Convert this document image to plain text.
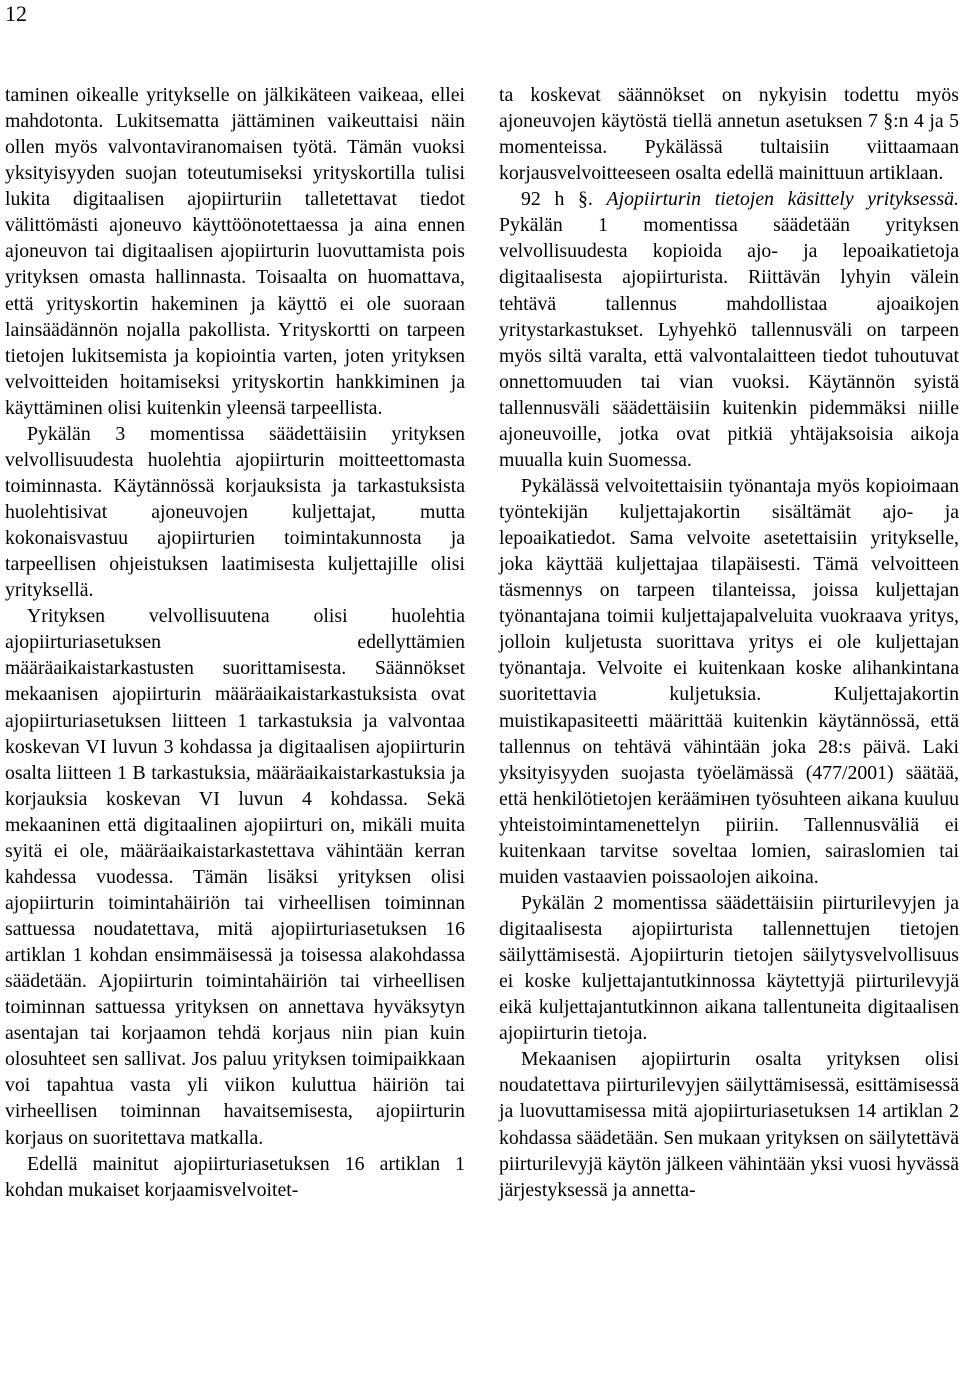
12

taminen oikealle yritykselle on jälkikäteen vaikeaa, ellei mahdotonta. Lukitsematta jättäminen vaikeuttaisi näin ollen myös valvontaviranomaisen työtä. Tämän vuoksi yksityisyyden suojan toteutumiseksi yrityskortilla tulisi lukita digitaalisen ajopiirturiin talletettavat tiedot välittömästi ajoneuvo käyttöönotettaessa ja aina ennen ajoneuvon tai digitaalisen ajopiirturin luovuttamista pois yrityksen omasta hallinnasta. Toisaalta on huomattava, että yrityskortin hakeminen ja käyttö ei ole suoraan lainsäädännön nojalla pakollista. Yrityskortti on tarpeen tietojen lukitsemista ja kopiointia varten, joten yrityksen velvoitteiden hoitamiseksi yrityskortin hankkiminen ja käyttäminen olisi kuitenkin yleensä tarpeellista.

Pykälän 3 momentissa säädettäisiin yrityksen velvollisuudesta huolehtia ajopiirturin moitteettomasta toiminnasta. Käytännössä korjauksista ja tarkastuksista huolehtisivat ajoneuvojen kuljettajat, mutta kokonaisvastuu ajopiirturien toimintakunnosta ja tarpeellisen ohjeistuksen laatimisesta kuljettajille olisi yrityksellä.

Yrityksen velvollisuutena olisi huolehtia ajopiirturiasetuksen edellyttämien määräaikaistarkastusten suorittamisesta. Säännökset mekaanisen ajopiirturin määräaikaistarkastuksista ovat ajopiirturiasetuksen liitteen 1 tarkastuksia ja valvontaa koskevan VI luvun 3 kohdassa ja digitaalisen ajopiirturin osalta liitteen 1 B tarkastuksia, määräaikaistarkastuksia ja korjauksia koskevan VI luvun 4 kohdassa. Sekä mekaaninen että digitaalinen ajopiirturi on, mikäli muita syitä ei ole, määräaikaistarkastettava vähintään kerran kahdessa vuodessa. Tämän lisäksi yrityksen olisi ajopiirturin toimintahäiriön tai virheellisen toiminnan sattuessa noudatettava, mitä ajopiirturiasetuksen 16 artiklan 1 kohdan ensimmäisessä ja toisessa alakohdassa säädetään. Ajopiirturin toimintahäiriön tai virheellisen toiminnan sattuessa yrityksen on annettava hyväksytyn asentajan tai korjaamon tehdä korjaus niin pian kuin olosuhteet sen sallivat. Jos paluu yrityksen toimipaikkaan voi tapahtua vasta yli viikon kuluttua häiriön tai virheellisen toiminnan havaitsemisesta, ajopiirturin korjaus on suoritettava matkalla.

Edellä mainitut ajopiirturiasetuksen 16 artiklan 1 kohdan mukaiset korjaamisvelvoitet-

ta koskevat säännökset on nykyisin todettu myös ajoneuvojen käytöstä tiellä annetun asetuksen 7 §:n 4 ja 5 momenteissa. Pykälässä tultaisiin viittaamaan korjausvelvoitteeseen osalta edellä mainittuun artiklaan.

92 h §. Ajopiirturin tietojen käsittely yrityksessä. Pykälän 1 momentissa säädetään yrityksen velvollisuudesta kopioida ajo- ja lepoaikatietoja digitaalisesta ajopiirturista. Riittävän lyhyin välein tehtävä tallennus mahdollistaa ajoaikojen yritystarkastukset. Lyhyehkö tallennusväli on tarpeen myös siltä varalta, että valvontalaitteen tiedot tuhoutuvat onnettomuuden tai vian vuoksi. Käytännön syistä tallennusväli säädettäisiin kuitenkin pidemmäksi niille ajoneuvoille, jotka ovat pitkiä yhtäjaksoisia aikoja muualla kuin Suomessa.

Pykälässä velvoitettaisiin työnantaja myös kopioimaan työntekijän kuljettajakortin sisältämät ajo- ja lepoaikatiedot. Sama velvoite asetettaisiin yritykselle, joka käyttää kuljettajaa tilapäisesti. Tämä velvoitteen täsmennys on tarpeen tilanteissa, joissa kuljettajan työnantajana toimii kuljettajapalveluita vuokraava yritys, jolloin kuljetusta suorittava yritys ei ole kuljettajan työnantaja. Velvoite ei kuitenkaan koske alihankintana suoritettavia kuljetuksia. Kuljettajakortin muistikapasiteetti määrittää kuitenkin käytännössä, että tallennus on tehtävä vähintään joka 28:s päivä. Laki yksityisyyden suojasta työelämässä (477/2001) säätää, että henkilötietojen keräämінen työsuhteen aikana kuuluu yhteistoimintamenettelyn piiriin. Tallennusväliä ei kuitenkaan tarvitse soveltaa lomien, sairaslomien tai muiden vastaavien poissaolojen aikoina.

Pykälän 2 momentissa säädettäisiin piirturilevyjen ja digitaalisesta ajopiirturista tallennettujen tietojen säilyttämisestä. Ajopiirturin tietojen säilytysvelvollisuus ei koske kuljettajantutkinnossa käytettyjä piirturilevyjä eikä kuljettajantutkinnon aikana tallentuneita digitaalisen ajopiirturin tietoja.

Mekaanisen ajopiirturin osalta yrityksen olisi noudatettava piirturilevyjen säilyttämisessä, esittämisessä ja luovuttamisessa mitä ajopiirturiasetuksen 14 artiklan 2 kohdassa säädetään. Sen mukaan yrityksen on säilytettävä piirturilevyjä käytön jälkeen vähintään yksi vuosi hyvässä järjestyksessä ja annetta-
